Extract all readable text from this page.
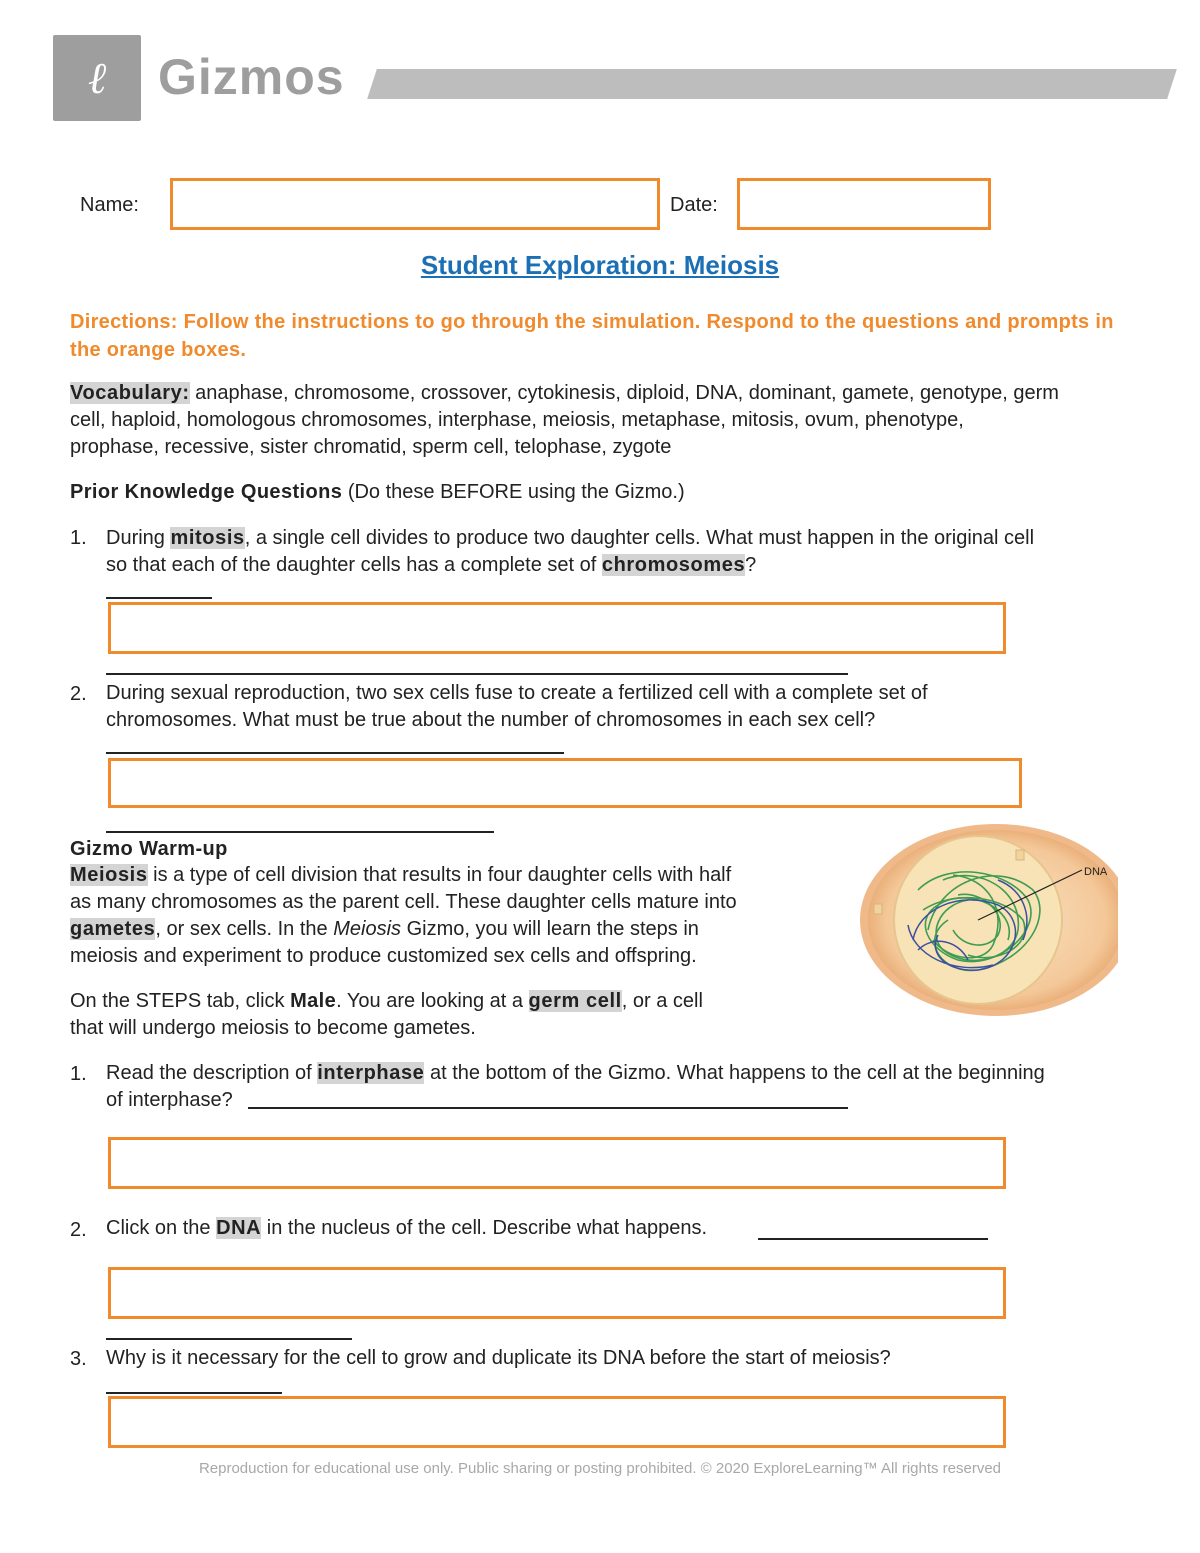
ℓ Gizmos
Name:	Date:
Student Exploration: Meiosis
Directions: Follow the instructions to go through the simulation. Respond to the questions and prompts in the orange boxes.
Vocabulary: anaphase, chromosome, crossover, cytokinesis, diploid, DNA, dominant, gamete, genotype, germ
cell, haploid, homologous chromosomes, interphase, meiosis, metaphase, mitosis, ovum, phenotype,
prophase, recessive, sister chromatid, sperm cell, telophase, zygote
Prior Knowledge Questions (Do these BEFORE using the Gizmo.)
1. During mitosis, a single cell divides to produce two daughter cells. What must happen in the original cell
so that each of the daughter cells has a complete set of chromosomes?
2. During sexual reproduction, two sex cells fuse to create a fertilized cell with a complete set of
chromosomes. What must be true about the number of chromosomes in each sex cell?
Gizmo Warm-up
Meiosis is a type of cell division that results in four daughter cells with half
as many chromosomes as the parent cell. These daughter cells mature into
gametes, or sex cells. In the Meiosis Gizmo, you will learn the steps in
meiosis and experiment to produce customized sex cells and offspring.
On the STEPS tab, click Male. You are looking at a germ cell, or a cell
that will undergo meiosis to become gametes.
DNA
1. Read the description of interphase at the bottom of the Gizmo. What happens to the cell at the beginning
of interphase?
2. Click on the DNA in the nucleus of the cell. Describe what happens.
3. Why is it necessary for the cell to grow and duplicate its DNA before the start of meiosis?
Reproduction for educational use only. Public sharing or posting prohibited. © 2020 ExploreLearning™ All rights reserved
